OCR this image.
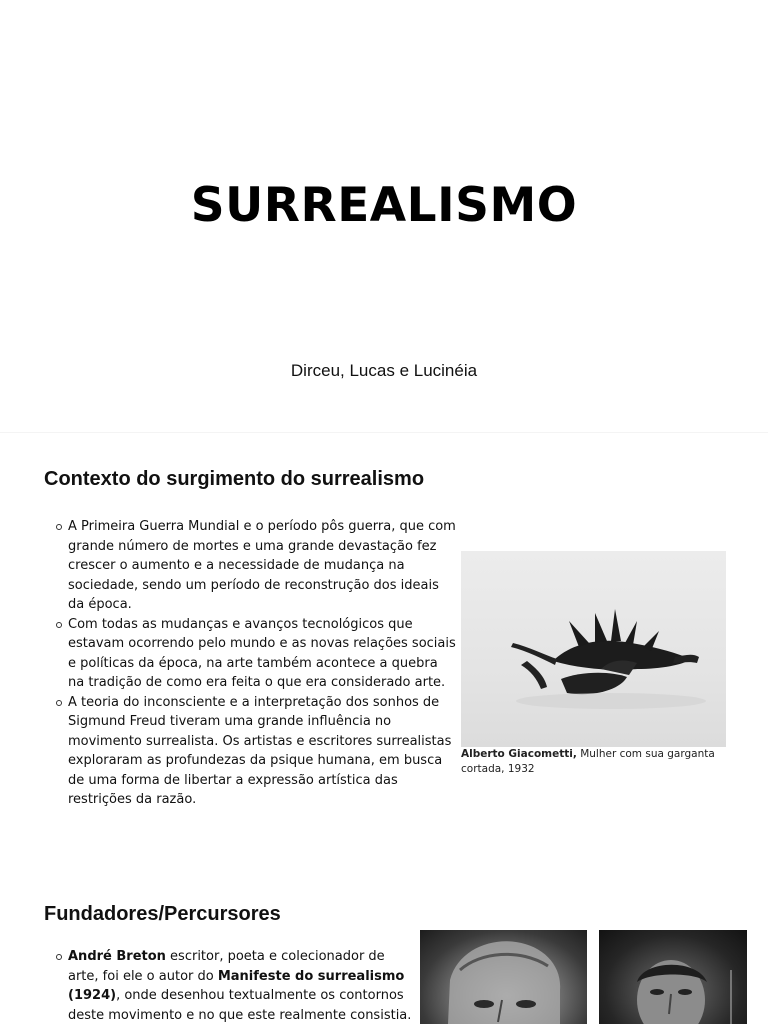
SURREALISMO
Dirceu, Lucas e Lucinéia
Contexto do surgimento do surrealismo
A Primeira Guerra Mundial e o período pôs guerra, que com grande número de mortes e uma grande devastação fez crescer o aumento e a necessidade de mudança na sociedade, sendo um período de reconstrução dos ideais da época.
Com todas as mudanças e avanços tecnológicos que estavam ocorrendo pelo mundo e as novas relações sociais e políticas da época, na arte também acontece a quebra na tradição de como era feita o que era considerado arte.
A teoria do inconsciente e a interpretação dos sonhos de Sigmund Freud tiveram uma grande influência no movimento surrealista. Os artistas e escritores surrealistas exploraram as profundezas da psique humana, em busca de uma forma de libertar a expressão artística das restrições da razão.
Alberto Giacometti, Mulher com sua garganta cortada, 1932
Fundadores/Percursores
André Breton escritor, poeta e colecionador de arte, foi ele o autor do Manifeste do surrealismo (1924), onde desenhou textualmente os contornos deste movimento e no que este realmente consistia.
